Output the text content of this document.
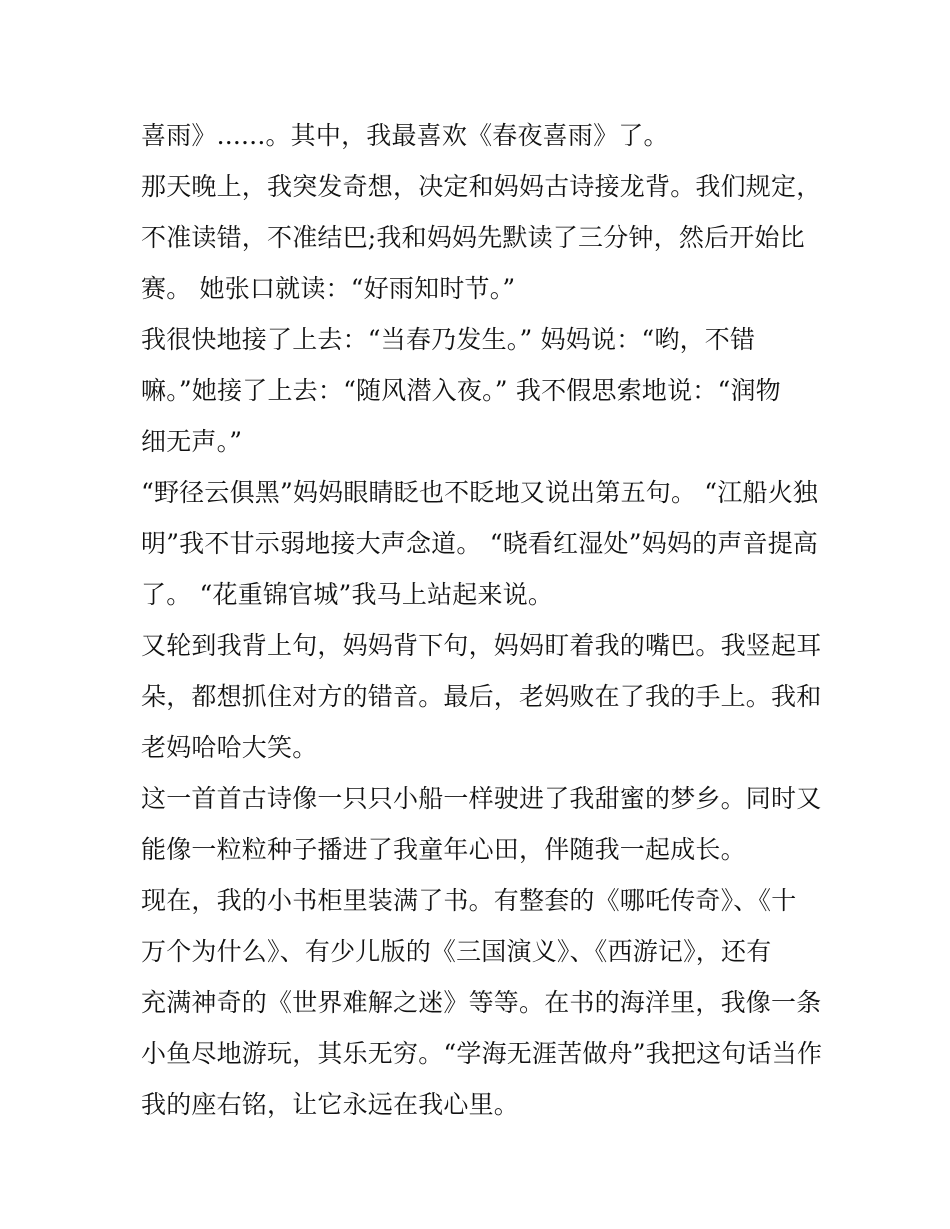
喜雨》......。其中，我最喜欢《春夜喜雨》了。
那天晚上，我突发奇想，决定和妈妈古诗接龙背。我们规定，
不准读错，不准结巴;我和妈妈先默读了三分钟，然后开始比
赛。 她张口就读：“好雨知时节。”
我很快地接了上去：“当春乃发生。” 妈妈说：“哟，不错
嘛。”她接了上去：“随风潜入夜。” 我不假思索地说：“润物
细无声。”
“野径云俱黑”妈妈眼睛眨也不眨地又说出第五句。 “江船火独
明”我不甘示弱地接大声念道。 “晓看红湿处”妈妈的声音提高
了。 “花重锦官城”我马上站起来说。
又轮到我背上句，妈妈背下句，妈妈盯着我的嘴巴。我竖起耳
朵，都想抓住对方的错音。最后，老妈败在了我的手上。我和
老妈哈哈大笑。
这一首首古诗像一只只小船一样驶进了我甜蜜的梦乡。同时又
能像一粒粒种子播进了我童年心田，伴随我一起成长。
现在，我的小书柜里装满了书。有整套的《哪吒传奇》、《十
万个为什么》、有少儿版的《三国演义》、《西游记》，还有
充满神奇的《世界难解之迷》等等。在书的海洋里，我像一条
小鱼尽地游玩，其乐无穷。“学海无涯苦做舟”我把这句话当作
我的座右铭，让它永远在我心里。
